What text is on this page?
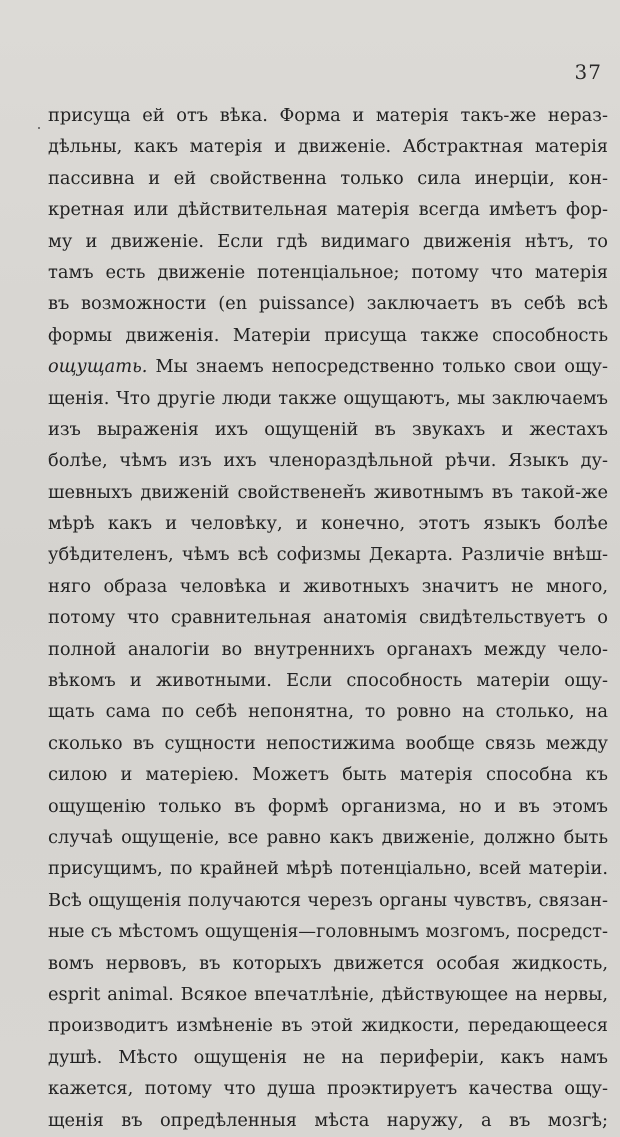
37
присуща ей отъ вѣка. Форма и матерія такъ-же нераз-
дѣльны, какъ матерія и движеніе. Абстрактная матерія
пассивна и ей свойственна только сила инерціи, кон-
кретная или дѣйствительная матерія всегда имѣетъ фор-
му и движеніе. Если гдѣ видимаго движенія нѣтъ, то
тамъ есть движеніе потенціальное; потому что матерія
въ возможности (en puissance) заключаетъ въ себѣ всѣ
формы движенія. Матеріи присуща также способность
ощущать. Мы знаемъ непосредственно только свои ощу-
щенія. Что другіе люди также ощущаютъ, мы заключаемъ
изъ выраженія ихъ ощущеній въ звукахъ и жестахъ
болѣе, чѣмъ изъ ихъ членораздѣльной рѣчи. Языкъ ду-
шевныхъ движеній свойственен̆ъ животнымъ въ такой-же
мѣрѣ какъ и человѣку, и конечно, этотъ языкъ болѣе
убѣдителенъ, чѣмъ всѣ софизмы Декарта. Различіе внѣш-
няго образа человѣка и животныхъ значитъ не много,
потому что сравнительная анатомія свидѣтельствуетъ о
полной аналогіи во внутреннихъ органахъ между чело-
вѣкомъ и животными. Если способность матеріи ощу-
щать сама по себѣ непонятна, то ровно на столько, на
сколько въ сущности непостижима вообще связь между
силою и матеріею. Можетъ быть матерія способна къ
ощущенію только въ формѣ организма, но и въ этомъ
случаѣ ощущеніе, все равно какъ движеніе, должно быть
присущимъ, по крайней мѣрѣ потенціально, всей матеріи.
Всѣ ощущенія получаются черезъ органы чувствъ, связан-
ные съ мѣстомъ ощущенія—головнымъ мозгомъ, посредст-
вомъ нервовъ, въ которыхъ движется особая жидкость,
esprit animal. Всякое впечатлѣніе, дѣйствующее на нервы,
производитъ измѣненіе въ этой жидкости, передающееся
душѣ. Мѣсто ощущенія не на периферіи, какъ намъ
кажется, потому что душа проэктируетъ качества ощу-
щенія въ опредѣленныя мѣста наружу, а въ мозгѣ;
